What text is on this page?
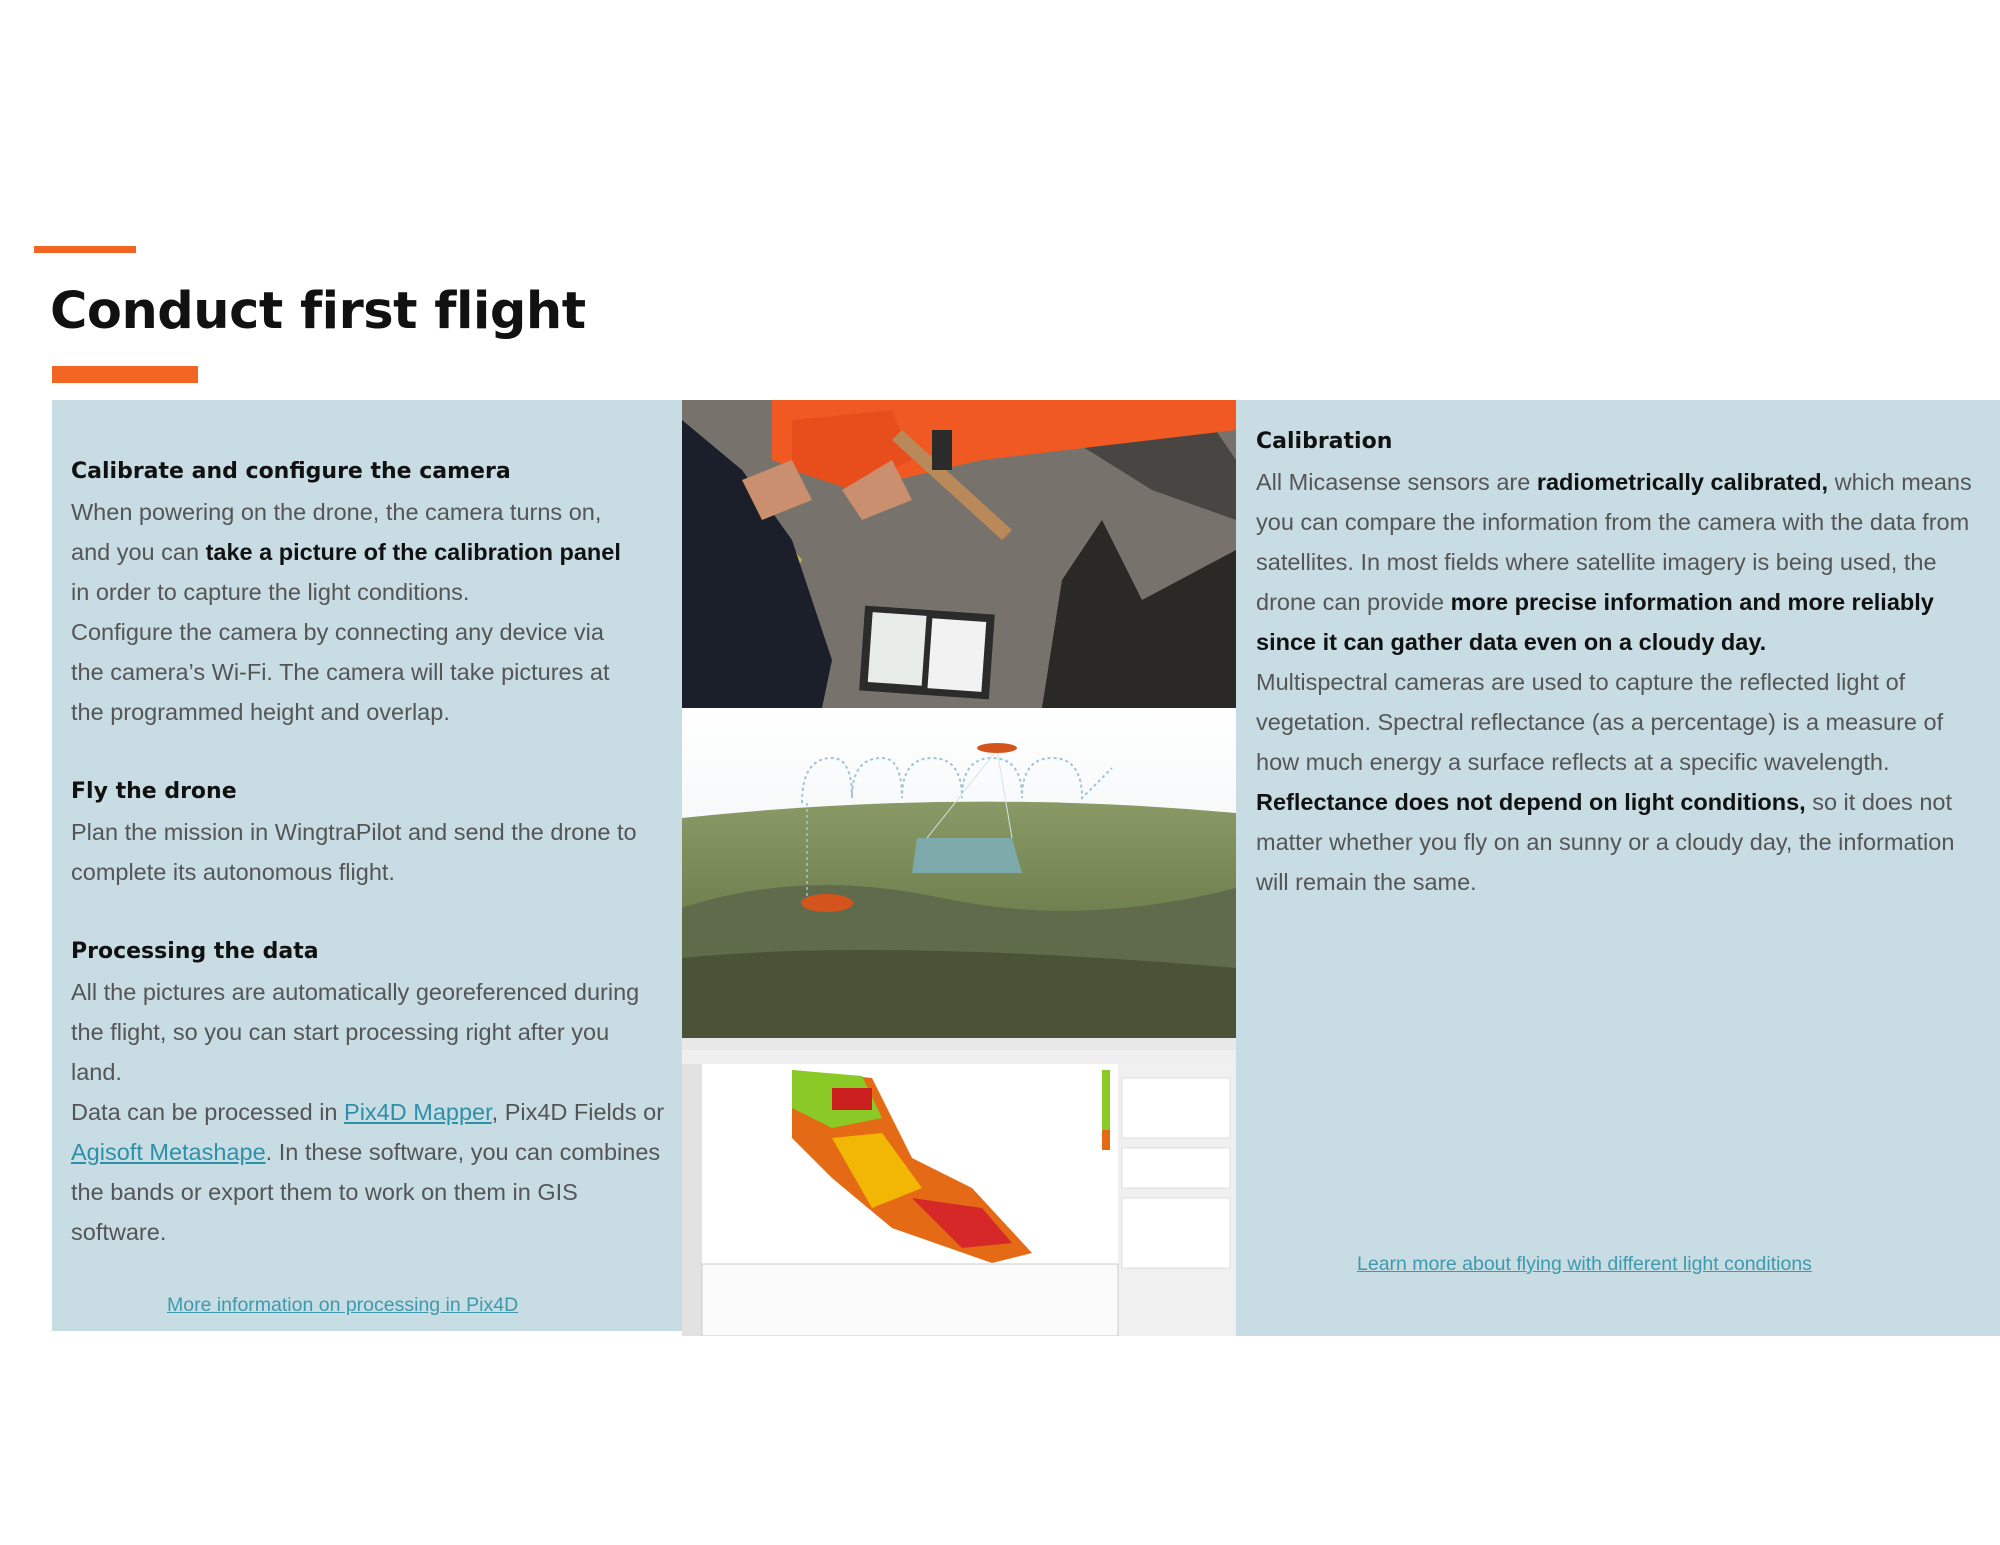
Conduct first flight
Calibrate and configure the camera

When powering on the drone, the camera turns on,
and you can take a picture of the calibration panel
in order to capture the light conditions.

Configure the camera by connecting any device via the camera’s Wi-Fi. The camera will take pictures at the programmed height and overlap.

Fly the drone

Plan the mission in WingtraPilot and send the drone to complete its autonomous flight.

Processing the data

All the pictures are automatically georeferenced during the flight, so you can start processing right after you land.

Data can be processed in Pix4D Mapper, Pix4D Fields or Agisoft Metashape. In these software, you can combines the bands or export them to work on them in GIS software.

More information on processing in Pix4D
Calibration

All Micasense sensors are radiometrically calibrated, which means you can compare the information from the camera with the data from satellites. In most fields where satellite imagery is being used, the drone can provide more precise information and more reliably since it can gather data even on a cloudy day.

Multispectral cameras are used to capture the reflected light of vegetation. Spectral reflectance (as a percentage) is a measure of how much energy a surface reflects at a specific wavelength.

Reflectance does not depend on light conditions, so it does not matter whether you fly on an sunny or a cloudy day, the information will remain the same.

Learn more about flying with different light conditions
